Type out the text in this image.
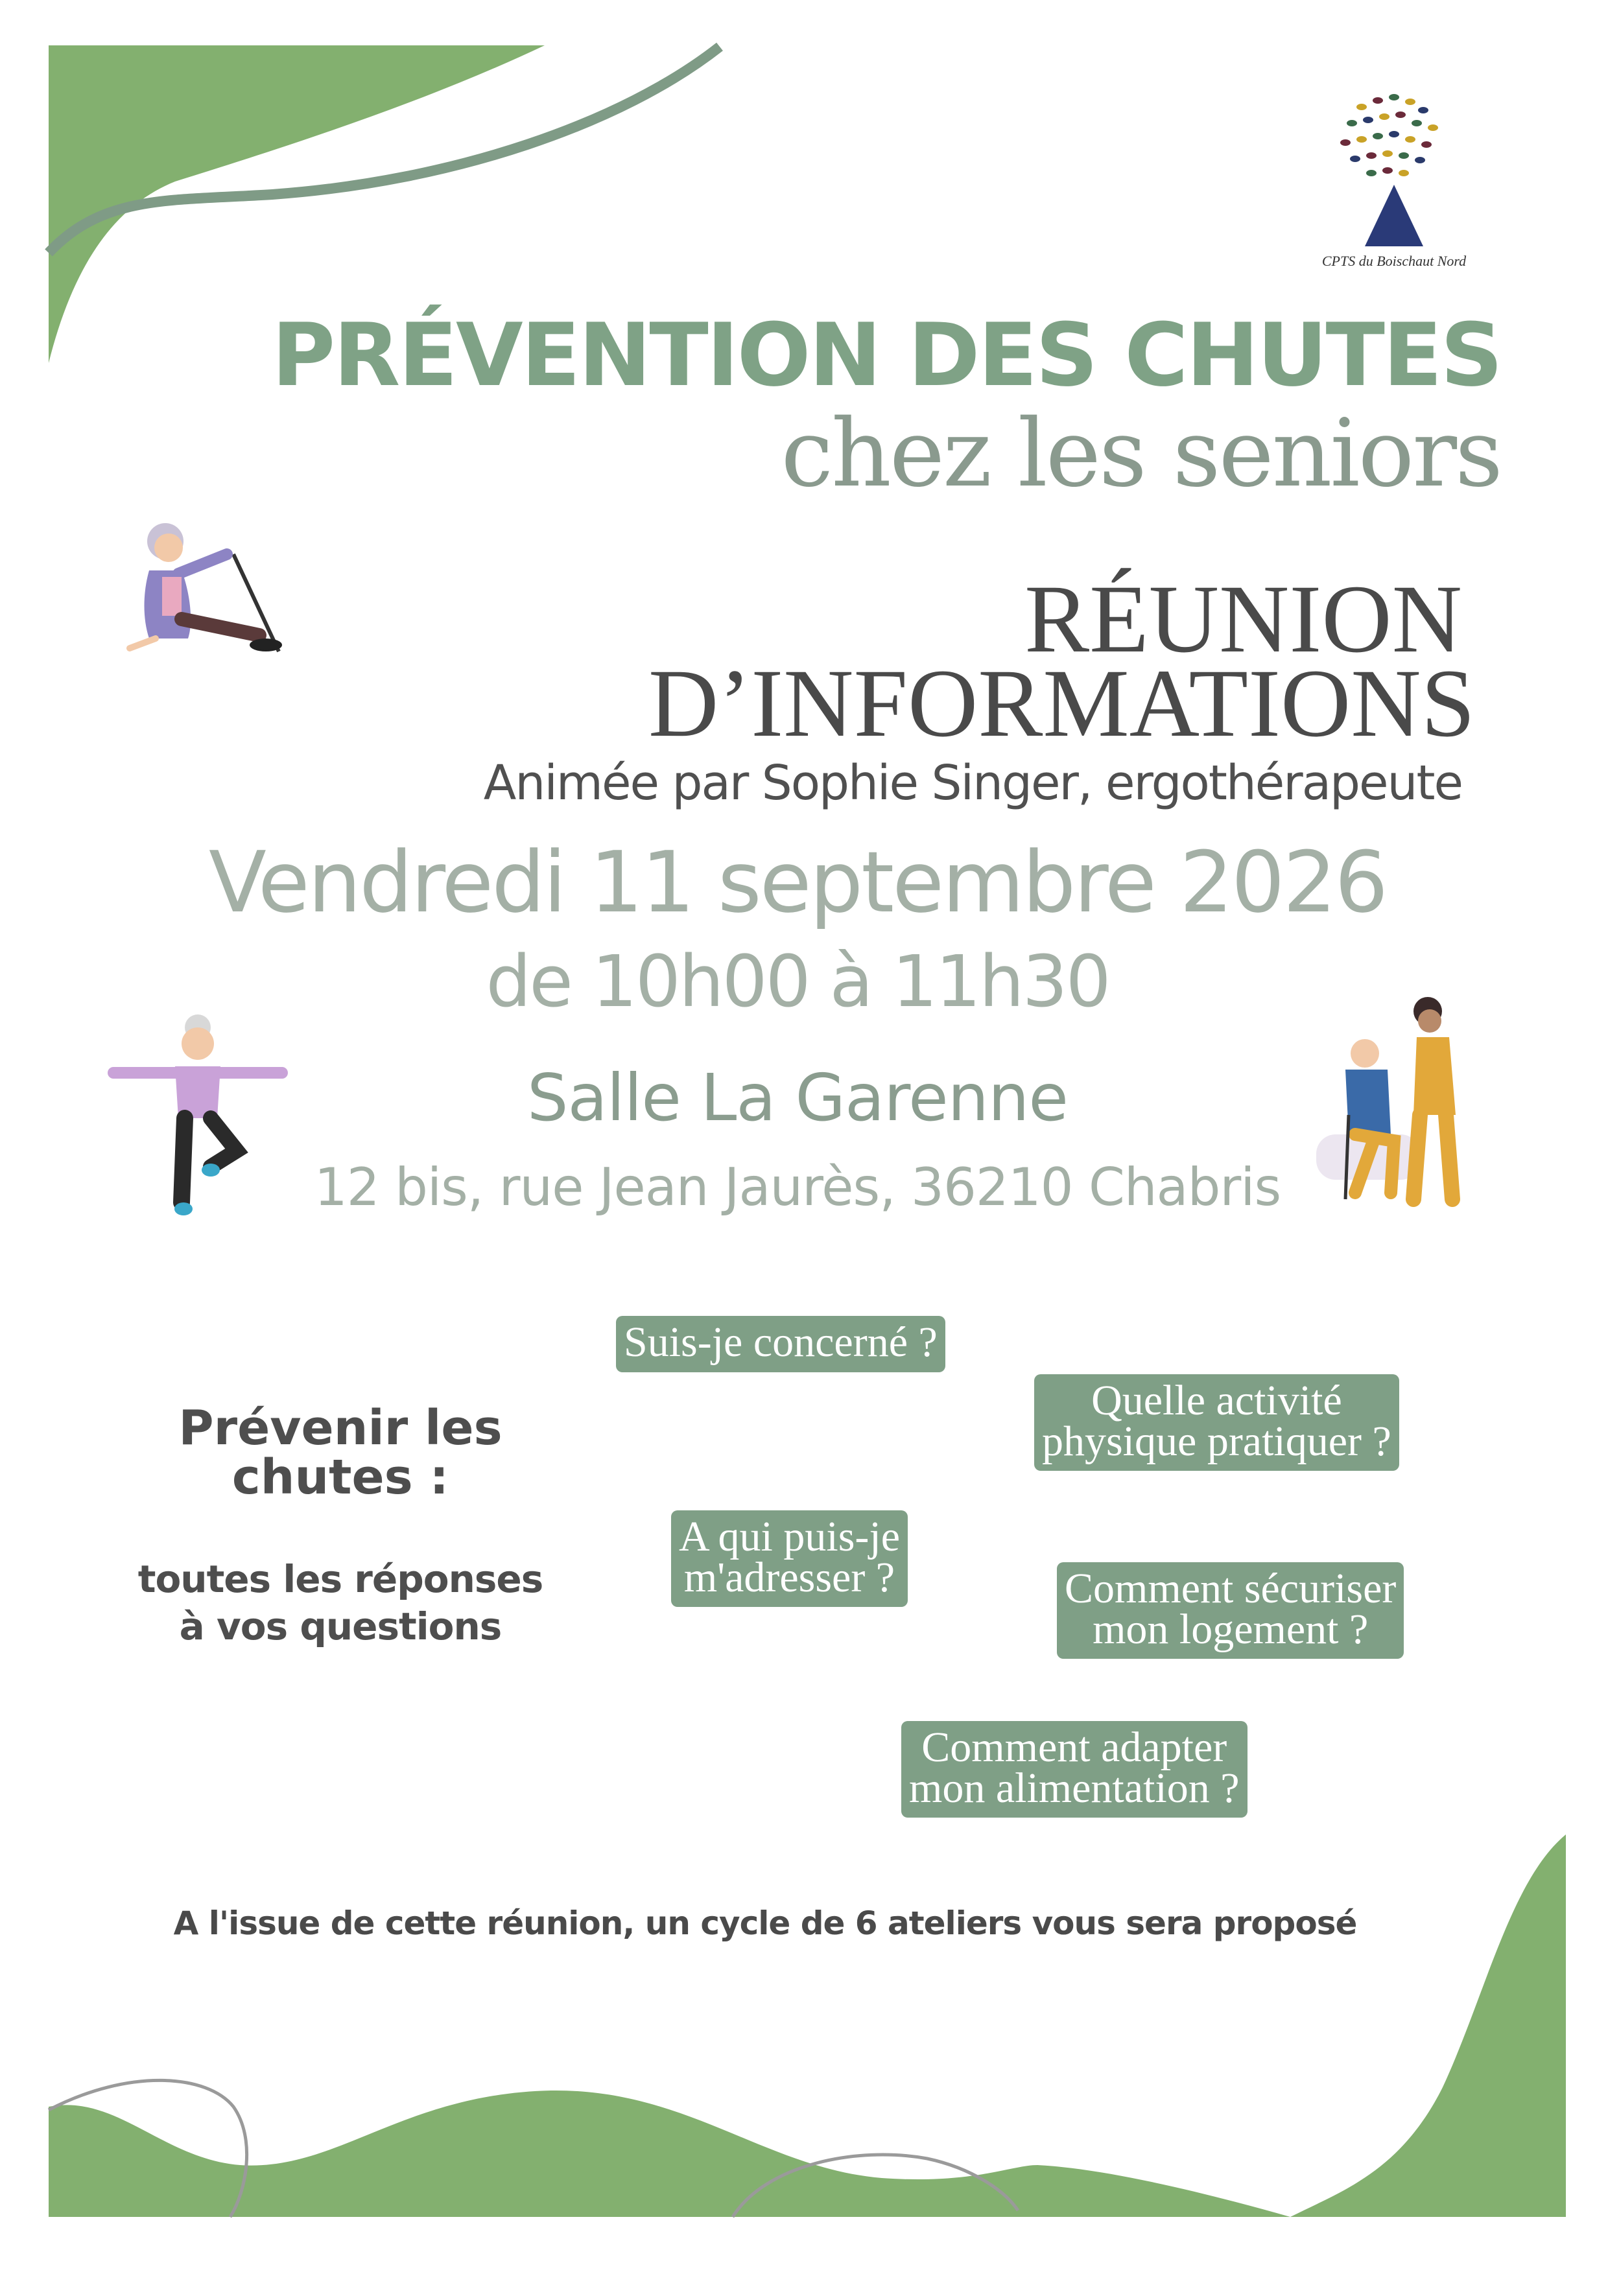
CPTS du Boischaut Nord
PRÉVENTION DES CHUTES
chez les seniors
RÉUNION
D’INFORMATIONS
Animée par Sophie Singer, ergothérapeute
Vendredi 11 septembre 2026
de 10h00 à 11h30
Salle La Garenne
12 bis, rue Jean Jaurès, 36210 Chabris
Suis-je concerné ?
Quelle activité
physique pratiquer ?
A qui puis-je
m'adresser ?	Comment sécuriser
mon logement ?
Comment adapter
mon alimentation ?
Prévenir les
chutes :
toutes les réponses
à vos questions
A l'issue de cette réunion, un cycle de 6 ateliers vous sera proposé
